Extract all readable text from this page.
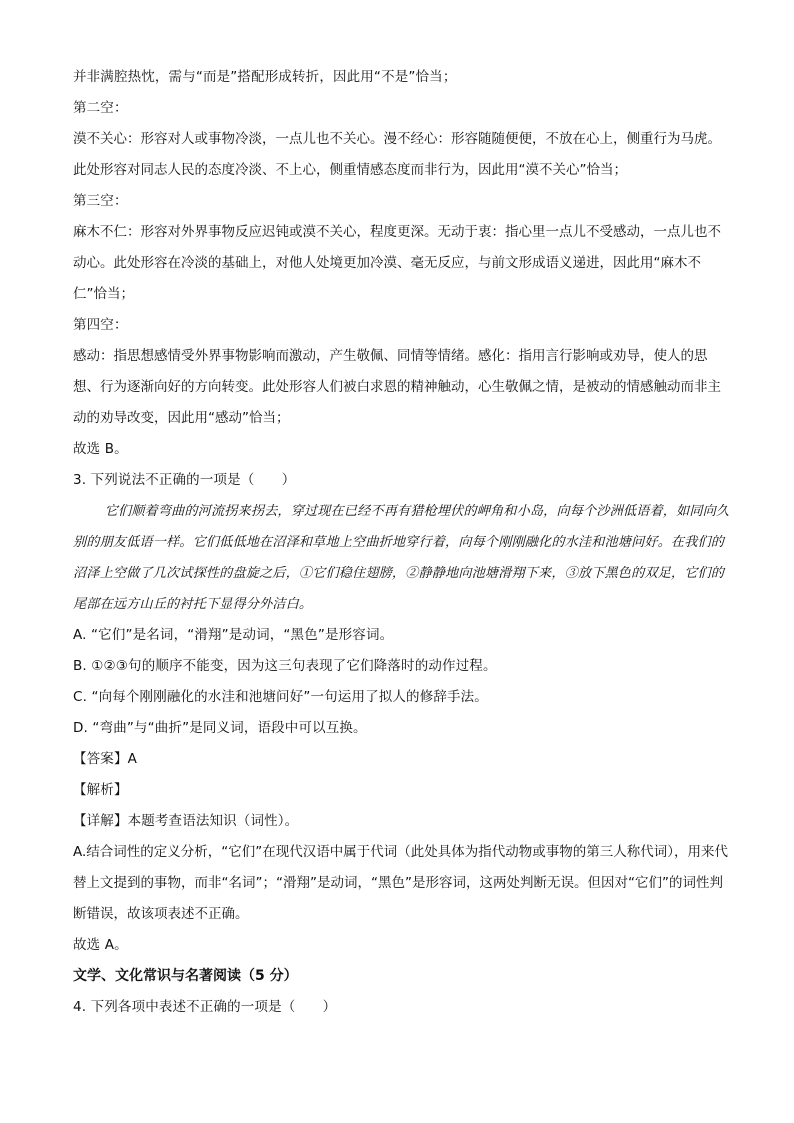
并非满腔热忱，需与“而是”搭配形成转折，因此用“不是”恰当；
第二空：
漠不关心：形容对人或事物冷淡，一点儿也不关心。漫不经心：形容随随便便，不放在心上，侧重行为马虎。此处形容对同志人民的态度冷淡、不上心，侧重情感态度而非行为，因此用“漠不关心”恰当；
第三空：
麻木不仁：形容对外界事物反应迟钝或漠不关心，程度更深。无动于衷：指心里一点儿不受感动，一点儿也不动心。此处形容在冷淡的基础上，对他人处境更加冷漠、毫无反应，与前文形成语义递进，因此用“麻木不仁”恰当；
第四空：
感动：指思想感情受外界事物影响而激动，产生敬佩、同情等情绪。感化：指用言行影响或劝导，使人的思想、行为逐渐向好的方向转变。此处形容人们被白求恩的精神触动，心生敬佩之情，是被动的情感触动而非主动的劝导改变，因此用“感动”恰当；
故选 B。
3. 下列说法不正确的一项是（　　）
它们顺着弯曲的河流拐来拐去，穿过现在已经不再有猎枪埋伏的岬角和小岛，向每个沙洲低语着，如同向久别的朋友低语一样。它们低低地在沼泽和草地上空曲折地穿行着，向每个刚刚融化的水洼和池塘问好。在我们的沼泽上空做了几次试探性的盘旋之后，①它们稳住翅膀，②静静地向池塘滑翔下来，③放下黑色的双足，它们的尾部在远方山丘的衬托下显得分外洁白。
A. “它们”是名词，“滑翔”是动词，“黑色”是形容词。
B. ①②③句的顺序不能变，因为这三句表现了它们降落时的动作过程。
C. “向每个刚刚融化的水洼和池塘问好”一句运用了拟人的修辞手法。
D. “弯曲”与“曲折”是同义词，语段中可以互换。
【答案】A
【解析】
【详解】本题考查语法知识（词性）。
A.结合词性的定义分析，“它们”在现代汉语中属于代词（此处具体为指代动物或事物的第三人称代词），用来代替上文提到的事物，而非“名词”；“滑翔”是动词，“黑色”是形容词，这两处判断无误。但因对“它们”的词性判断错误，故该项表述不正确。
故选 A。
文学、文化常识与名著阅读（5 分）
4. 下列各项中表述不正确的一项是（　　）
